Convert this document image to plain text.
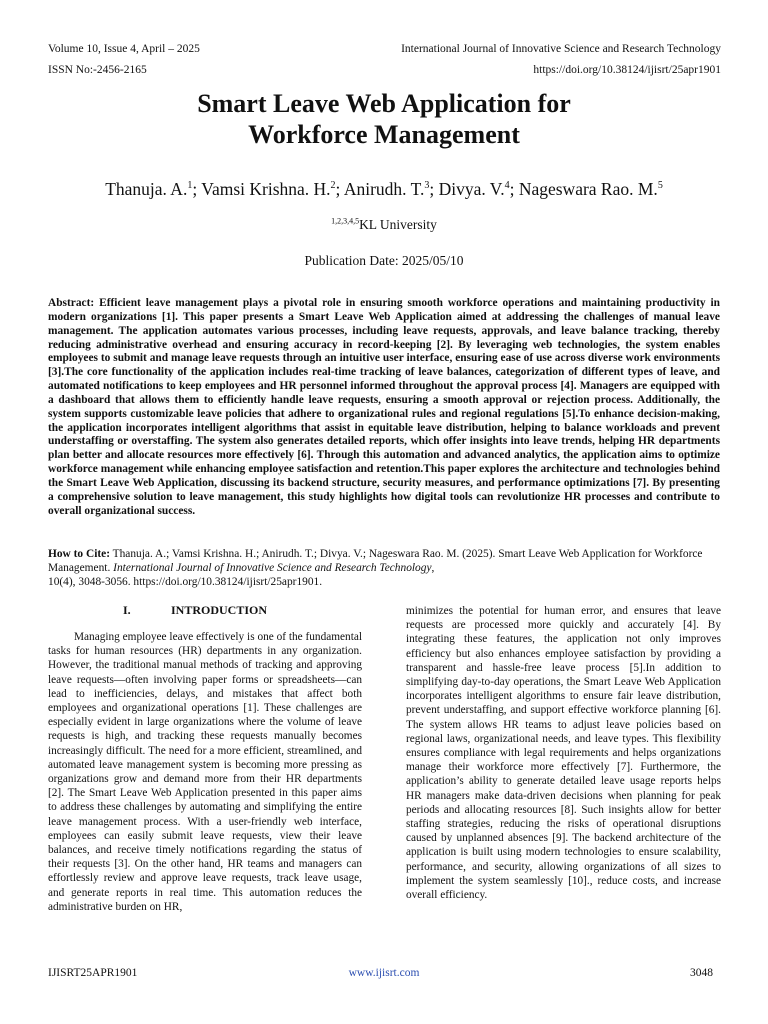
Volume 10, Issue 4, April – 2025	International Journal of Innovative Science and Research Technology
ISSN No:-2456-2165	https://doi.org/10.38124/ijisrt/25apr1901
Smart Leave Web Application for
Workforce Management
Thanuja. A.$^1$; Vamsi Krishna. H.$^2$; Anirudh. T.$^3$; Divya. V.$^4$; Nageswara Rao. M.$^5$
$^{1,2,3,4,5}$KL University
Publication Date: 2025/05/10

Abstract: Efficient leave management plays a pivotal role in ensuring smooth workforce operations and maintaining productivity in modern organizations [1]. This paper presents a Smart Leave Web Application aimed at addressing the challenges of manual leave management. The application automates various processes, including leave requests, approvals, and leave balance tracking, thereby reducing administrative overhead and ensuring accuracy in record-keeping [2]. By leveraging web technologies, the system enables employees to submit and manage leave requests through an intuitive user interface, ensuring ease of use across diverse work environments [3].The core functionality of the application includes real-time tracking of leave balances, categorization of different types of leave, and automated notifications to keep employees and HR personnel informed throughout the approval process [4]. Managers are equipped with a dashboard that allows them to efficiently handle leave requests, ensuring a smooth approval or rejection process. Additionally, the system supports customizable leave policies that adhere to organizational rules and regional regulations [5].To enhance decision-making, the application incorporates intelligent algorithms that assist in equitable leave distribution, helping to balance workloads and prevent understaffing or overstaffing. The system also generates detailed reports, which offer insights into leave trends, helping HR departments plan better and allocate resources more effectively [6]. Through this automation and advanced analytics, the application aims to optimize workforce management while enhancing employee satisfaction and retention.This paper explores the architecture and technologies behind the Smart Leave Web Application, discussing its backend structure, security measures, and performance optimizations [7]. By presenting a comprehensive solution to leave management, this study highlights how digital tools can revolutionize HR processes and contribute to overall organizational success.

How to Cite: Thanuja. A.; Vamsi Krishna. H.; Anirudh. T.; Divya. V.; Nageswara Rao. M. (2025). Smart Leave Web Application for Workforce Management. International Journal of Innovative Science and Research Technology,

10(4), 3048-3056. https://doi.org/10.38124/ijisrt/25apr1901.

I.	INTRODUCTION

Managing employee leave effectively is one of the fundamental tasks for human resources (HR) departments in any organization. However, the traditional manual methods of tracking and approving leave requests—often involving paper forms or spreadsheets—can lead to inefficiencies, delays, and mistakes that affect both employees and organizational operations [1]. These challenges are especially evident in large organizations where the volume of leave requests is high, and tracking these requests manually becomes increasingly difficult. The need for a more efficient, streamlined, and automated leave management system is becoming more pressing as organizations grow and demand more from their HR departments [2]. The Smart Leave Web Application presented in this paper aims to address these challenges by automating and simplifying the entire leave management process. With a user-friendly web interface, employees can easily submit leave requests, view their leave balances, and receive timely notifications regarding the status of their requests [3]. On the other hand, HR teams and managers can effortlessly review and approve leave requests, track leave usage, and generate reports in real time. This automation reduces the administrative burden on HR,

minimizes the potential for human error, and ensures that leave requests are processed more quickly and accurately [4]. By integrating these features, the application not only improves efficiency but also enhances employee satisfaction by providing a transparent and hassle-free leave process [5].In addition to simplifying day-to-day operations, the Smart Leave Web Application incorporates intelligent algorithms to ensure fair leave distribution, prevent understaffing, and support effective workforce planning [6]. The system allows HR teams to adjust leave policies based on regional laws, organizational needs, and leave types. This flexibility ensures compliance with legal requirements and helps organizations manage their workforce more effectively [7]. Furthermore, the application’s ability to generate detailed leave usage reports helps HR managers make data-driven decisions when planning for peak periods and allocating resources [8]. Such insights allow for better staffing strategies, reducing the risks of operational disruptions caused by unplanned absences [9]. The backend architecture of the application is built using modern technologies to ensure scalability, performance, and security, allowing organizations of all sizes to implement the system seamlessly [10]., reduce costs, and increase overall efficiency.

IJISRT25APR1901	www.ijisrt.com	3048
